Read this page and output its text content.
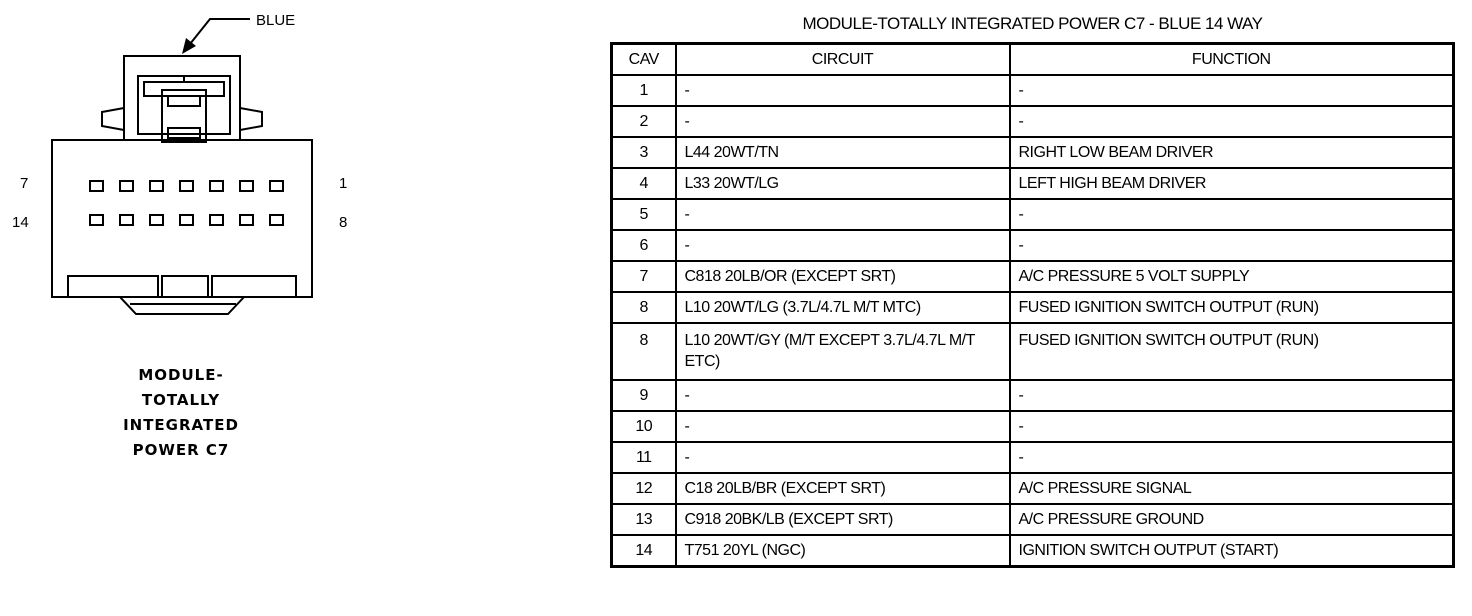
BLUE
7	1
14	8
MODULE-
TOTALLY
INTEGRATED
POWER C7
MODULE-TOTALLY INTEGRATED POWER C7 - BLUE 14 WAY
CAV	CIRCUIT	FUNCTION
1	-	-
2	-	-
3	L44 20WT/TN	RIGHT LOW BEAM DRIVER
4	L33 20WT/LG	LEFT HIGH BEAM DRIVER
5	-	-
6	-	-
7	C818 20LB/OR (EXCEPT SRT)	A/C PRESSURE 5 VOLT SUPPLY
8	L10 20WT/LG (3.7L/4.7L M/T MTC)	FUSED IGNITION SWITCH OUTPUT (RUN)
8	L10 20WT/GY (M/T EXCEPT 3.7L/4.7L M/T ETC)	FUSED IGNITION SWITCH OUTPUT (RUN)
9	-	-
10	-	-
11	-	-
12	C18 20LB/BR (EXCEPT SRT)	A/C PRESSURE SIGNAL
13	C918 20BK/LB (EXCEPT SRT)	A/C PRESSURE GROUND
14	T751 20YL (NGC)	IGNITION SWITCH OUTPUT (START)
